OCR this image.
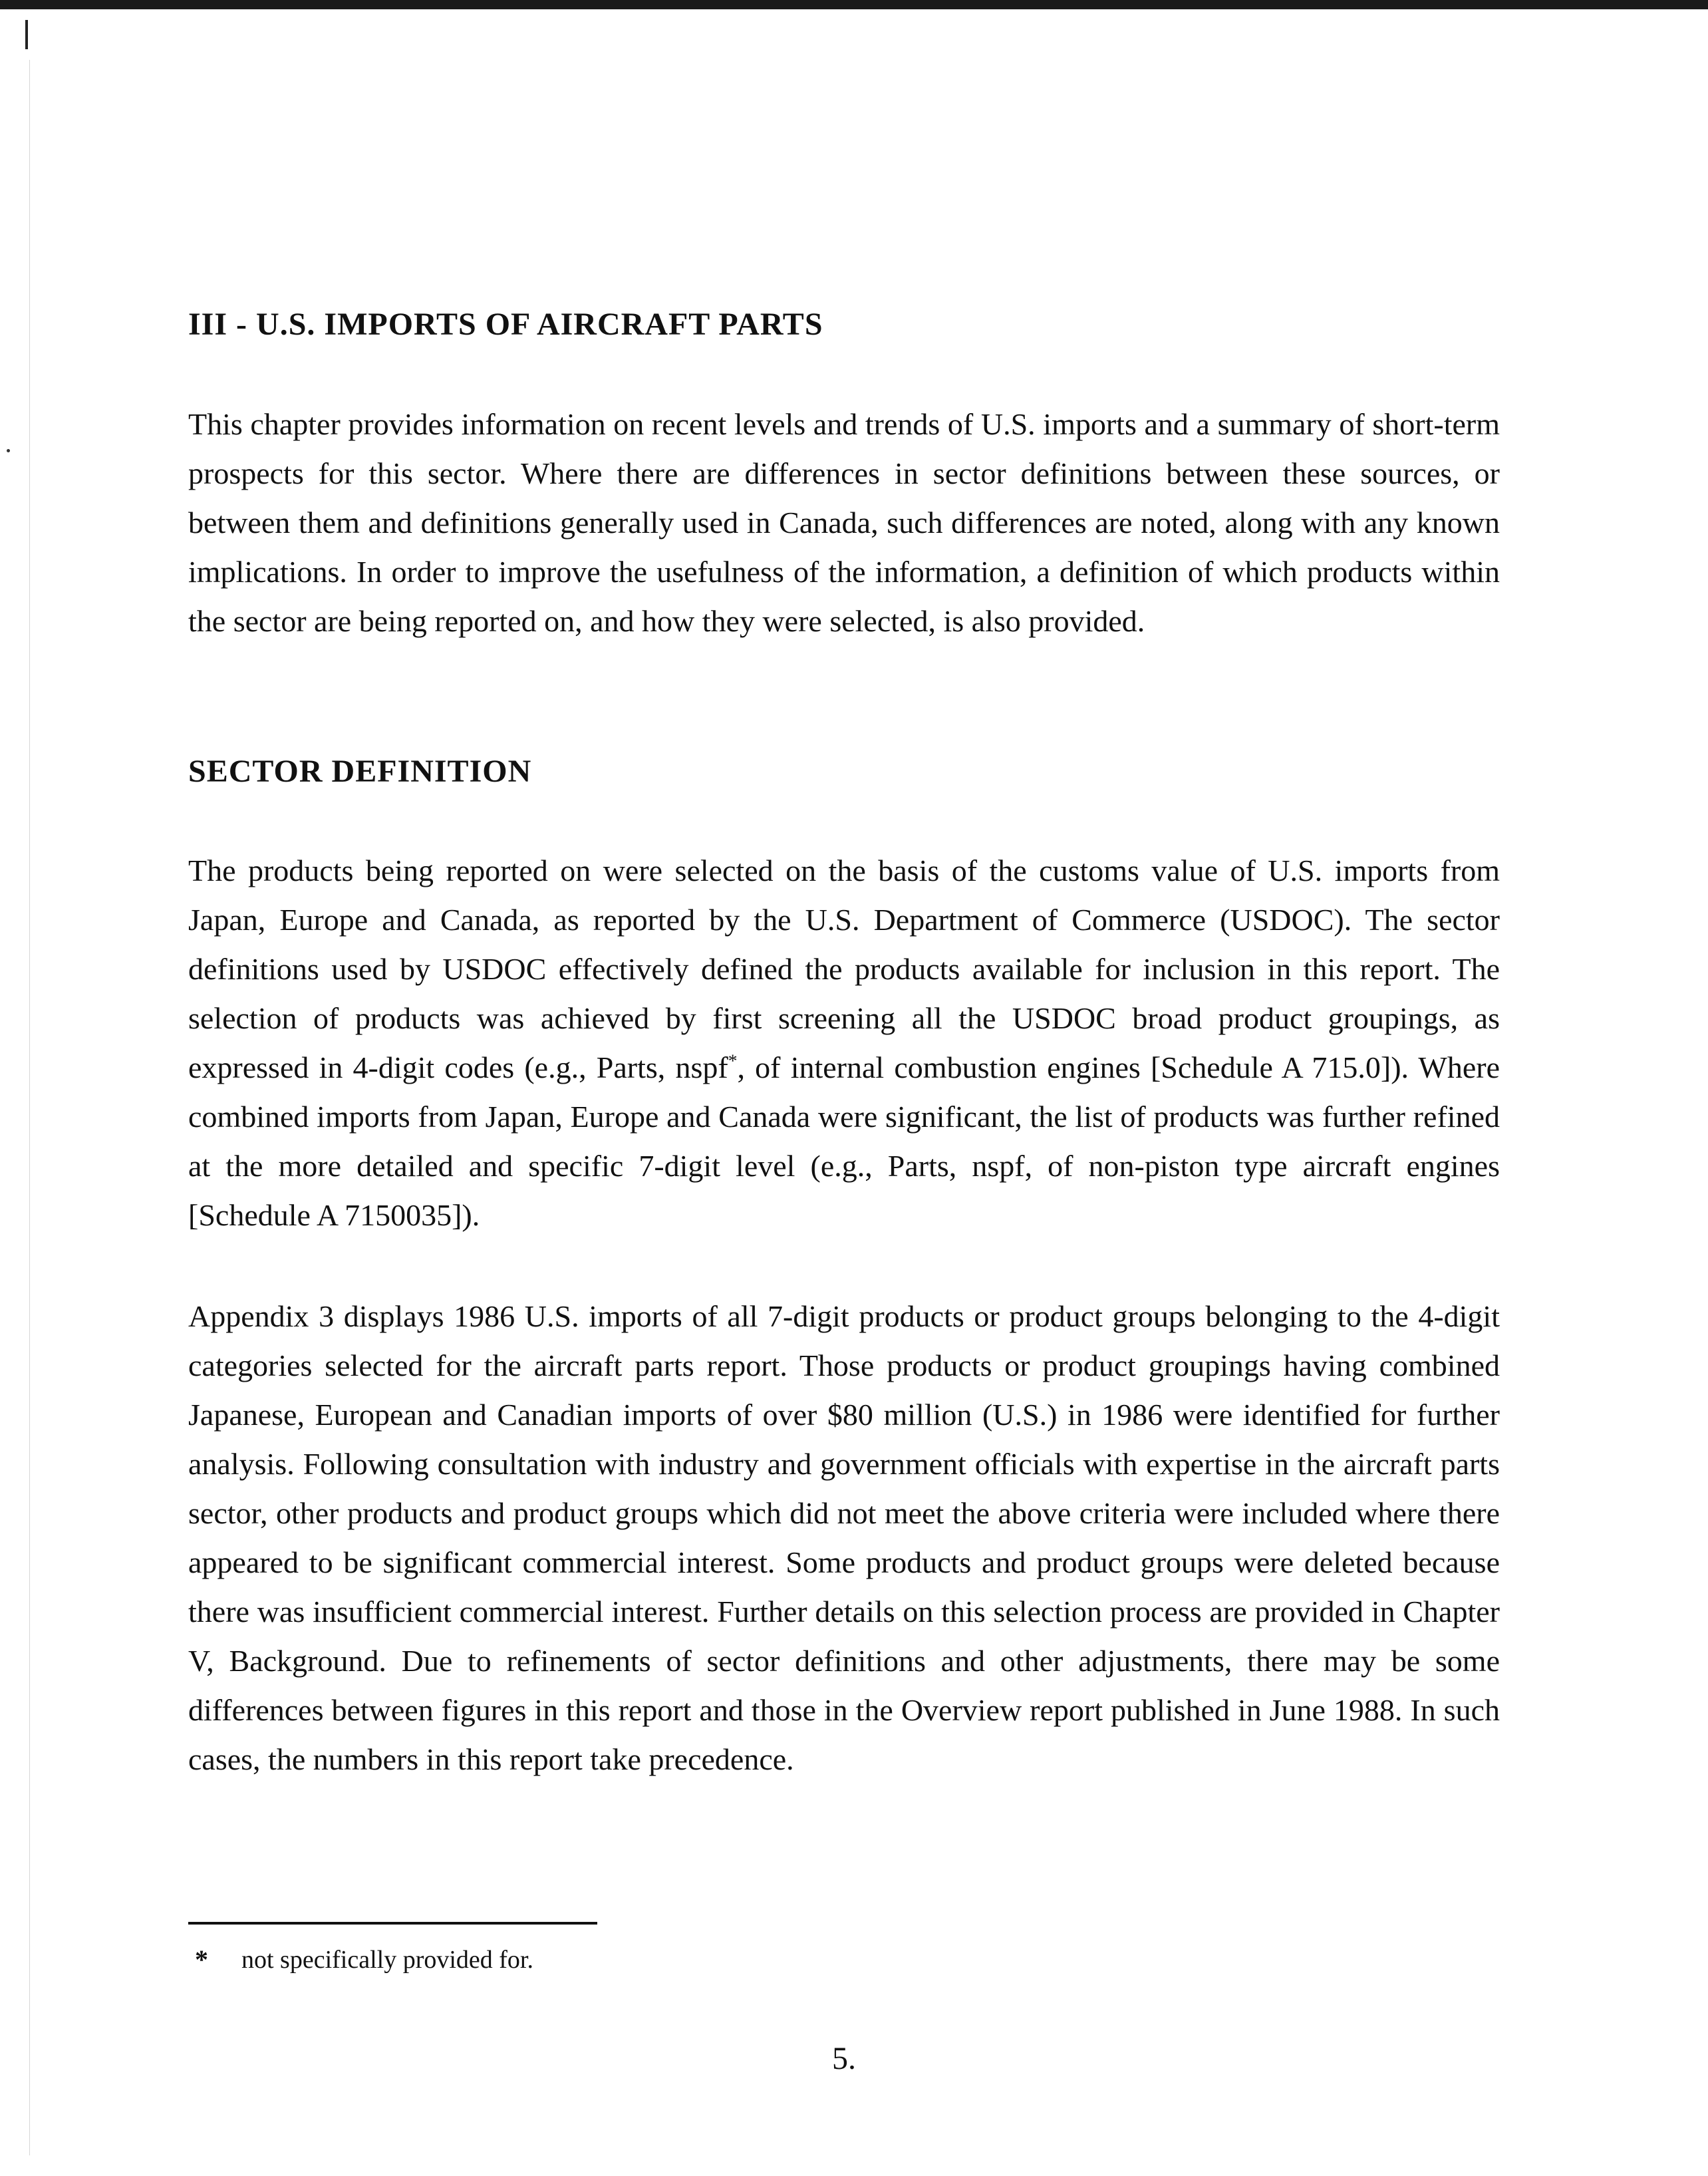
III - U.S. IMPORTS OF AIRCRAFT PARTS

This chapter provides information on recent levels and trends of U.S. imports and a summary of short-term prospects for this sector. Where there are differences in sector definitions between these sources, or between them and definitions generally used in Canada, such differences are noted, along with any known implications. In order to improve the usefulness of the information, a definition of which products within the sector are being reported on, and how they were selected, is also provided.

SECTOR DEFINITION

The products being reported on were selected on the basis of the customs value of U.S. imports from Japan, Europe and Canada, as reported by the U.S. Department of Commerce (USDOC). The sector definitions used by USDOC effectively defined the products available for inclusion in this report. The selection of products was achieved by first screening all the USDOC broad product groupings, as expressed in 4-digit codes (e.g., Parts, nspf*, of internal combustion engines [Schedule A 715.0]). Where combined imports from Japan, Europe and Canada were significant, the list of products was further refined at the more detailed and specific 7-digit level (e.g., Parts, nspf, of non-piston type aircraft engines [Schedule A 7150035]).

Appendix 3 displays 1986 U.S. imports of all 7-digit products or product groups belonging to the 4-digit categories selected for the aircraft parts report. Those products or product groupings having combined Japanese, European and Canadian imports of over $80 million (U.S.) in 1986 were identified for further analysis. Following consultation with industry and government officials with expertise in the aircraft parts sector, other products and product groups which did not meet the above criteria were included where there appeared to be significant commercial interest. Some products and product groups were deleted because there was insufficient commercial interest. Further details on this selection process are provided in Chapter V, Background. Due to refinements of sector definitions and other adjustments, there may be some differences between figures in this report and those in the Overview report published in June 1988. In such cases, the numbers in this report take precedence.

* not specifically provided for.
5.
